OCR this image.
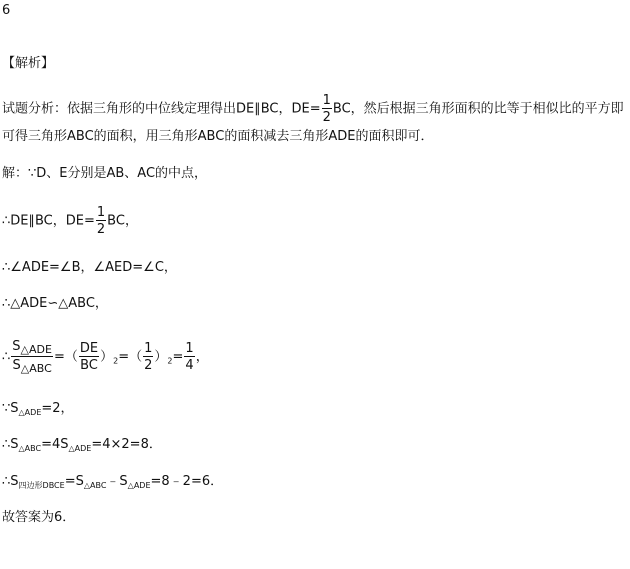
6
【解析】
试题分析：依据三角形的中位线定理得出DE∥BC，$DE= \frac{1}{2}$ BC，然后根据三角形面积的比等于相似比的平方即可得三角形ABC的面积，用三角形ABC的面积减去三角形ADE的面积即可．
解：∵D、E分别是AB、AC的中点，
∴DE∥BC，$DE= \frac{1}{2}$ BC，
∴∠ADE=∠B，∠AED=∠C，
∴△ADE∽△ABC，
∴ $\frac{S_{\triangle ADE}}{S_{\triangle ABC}}$ =（ $\frac{DE}{BC} )_2=( \frac{1}{2} )_2= \frac{1}{4}$ ，
$\because S_{\triangle ADE}=2$，
$\therefore S_{\triangle ABC}=4S_{\triangle ADE}=4\times 2=8$．
$\therefore S_{四边形DBCE}=S_{\triangle ABC}﹣S_{\triangle ADE}=8﹣2=6$．
故答案为6．
